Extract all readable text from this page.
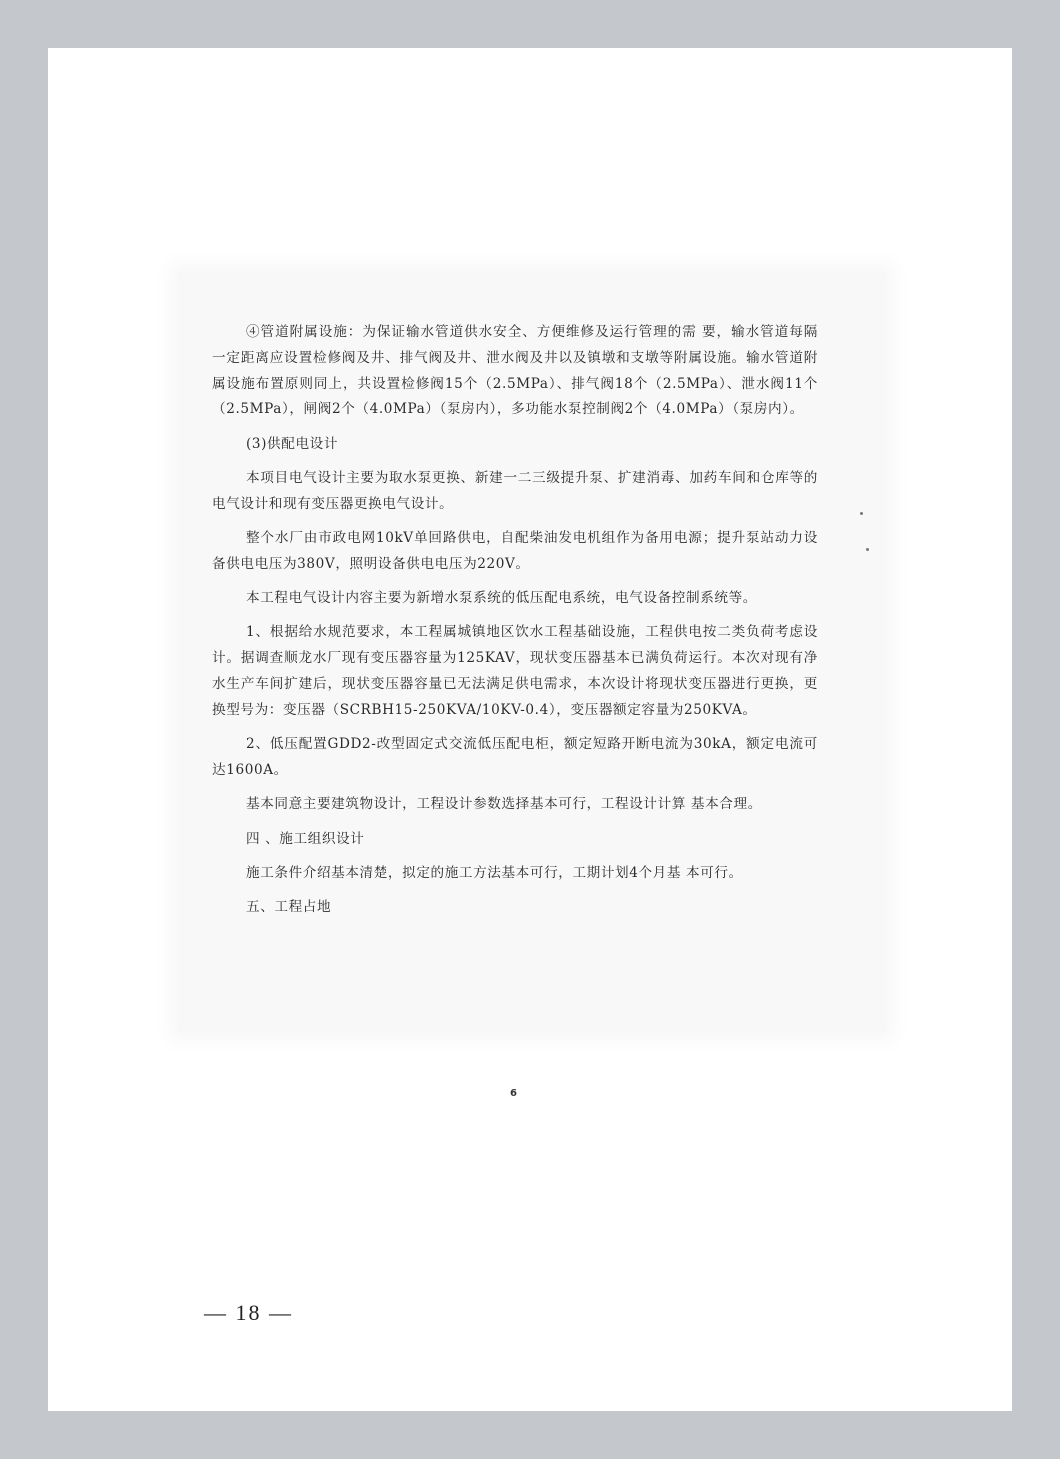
④管道附属设施：为保证输水管道供水安全、方便维修及运行管理的需 要，输水管道每隔一定距离应设置检修阀及井、排气阀及井、泄水阀及井以及镇墩和支墩等附属设施。输水管道附属设施布置原则同上，共设置检修阀15个（2.5MPa）、排气阀18个（2.5MPa）、泄水阀11个（2.5MPa），闸阀2个（4.0MPa）（泵房内），多功能水泵控制阀2个（4.0MPa）（泵房内）。

(3)供配电设计

本项目电气设计主要为取水泵更换、新建一二三级提升泵、扩建消毒、加药车间和仓库等的电气设计和现有变压器更换电气设计。

整个水厂由市政电网10kV单回路供电，自配柴油发电机组作为备用电源；提升泵站动力设备供电电压为380V，照明设备供电电压为220V。

本工程电气设计内容主要为新增水泵系统的低压配电系统，电气设备控制系统等。

1、根据给水规范要求，本工程属城镇地区饮水工程基础设施，工程供电按二类负荷考虑设计。据调查顺龙水厂现有变压器容量为125KAV，现状变压器基本已满负荷运行。本次对现有净水生产车间扩建后，现状变压器容量已无法满足供电需求，本次设计将现状变压器进行更换，更换型号为：变压器（SCRBH15-250KVA/10KV-0.4），变压器额定容量为250KVA。

2、低压配置GDD2-改型固定式交流低压配电柜，额定短路开断电流为30kA，额定电流可达1600A。

基本同意主要建筑物设计，工程设计参数选择基本可行，工程设计计算 基本合理。

四 、施工组织设计

施工条件介绍基本清楚，拟定的施工方法基本可行，工期计划4个月基 本可行。

五、工程占地

6
— 18 —
